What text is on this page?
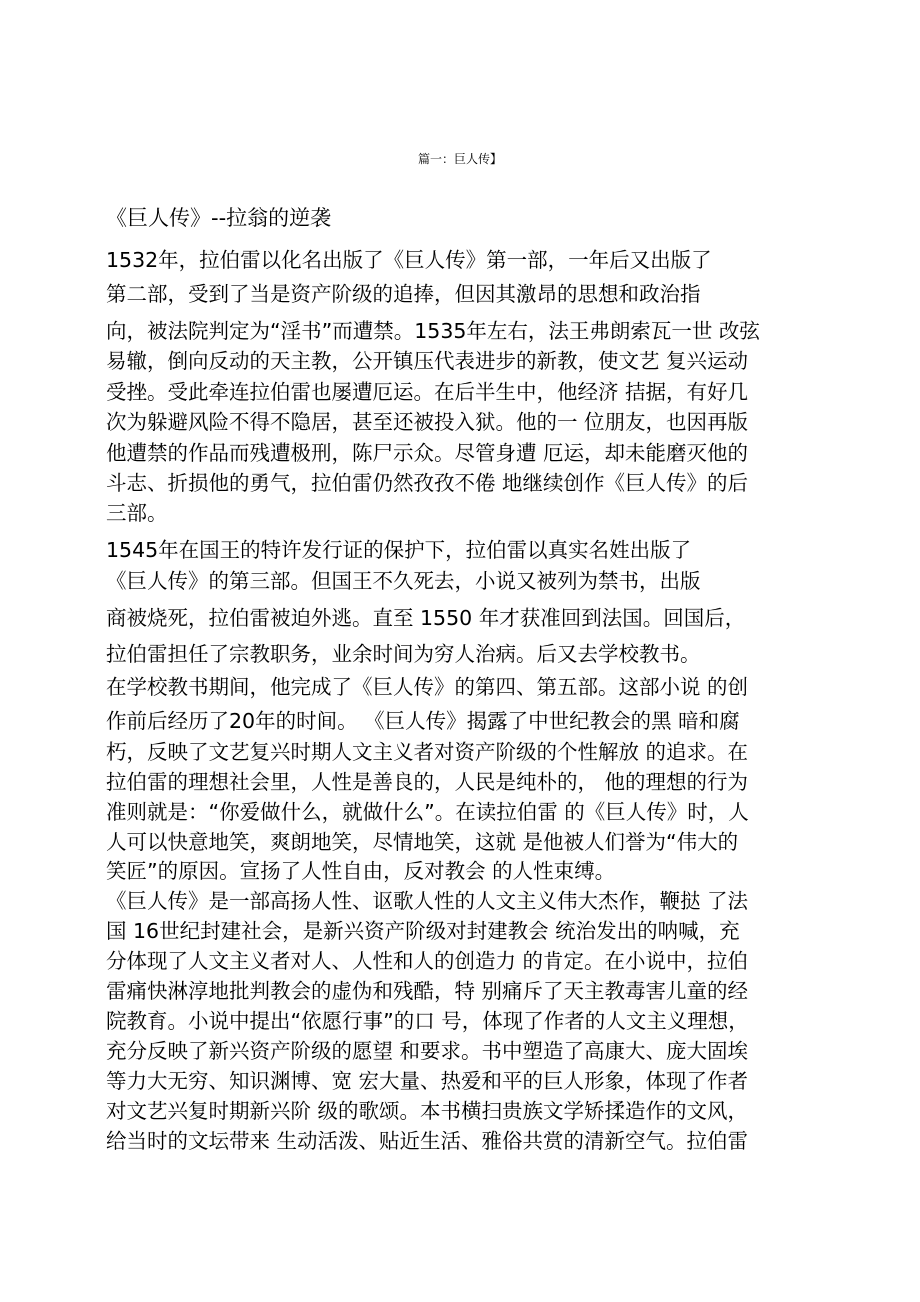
篇一：巨人传】
《巨人传》--拉翁的逆袭
1532年，拉伯雷以化名出版了《巨人传》第一部，一年后又出版了
第二部，受到了当是资产阶级的追捧，但因其激昂的思想和政治指
向，被法院判定为“淫书”而遭禁。1535年左右，法王弗朗索瓦一世 改弦
易辙，倒向反动的天主教，公开镇压代表进步的新教，使文艺 复兴运动
受挫。受此牵连拉伯雷也屡遭厄运。在后半生中，他经济 拮据，有好几
次为躲避风险不得不隐居，甚至还被投入狱。他的一 位朋友，也因再版
他遭禁的作品而残遭极刑，陈尸示众。尽管身遭 厄运，却未能磨灭他的
斗志、折损他的勇气，拉伯雷仍然孜孜不倦 地继续创作《巨人传》的后
三部。
1545年在国王的特许发行证的保护下，拉伯雷以真实名姓出版了
《巨人传》的第三部。但国王不久死去，小说又被列为禁书，出版
商被烧死，拉伯雷被迫外逃。直至 1550 年才获准回到法国。回国后，
拉伯雷担任了宗教职务，业余时间为穷人治病。后又去学校教书。
在学校教书期间，他完成了《巨人传》的第四、第五部。这部小说 的创
作前后经历了20年的时间。 《巨人传》揭露了中世纪教会的黑 暗和腐
朽，反映了文艺复兴时期人文主义者对资产阶级的个性解放 的追求。在
拉伯雷的理想社会里，人性是善良的，人民是纯朴的， 他的理想的行为
准则就是：“你爱做什么，就做什么”。在读拉伯雷 的《巨人传》时，人
人可以快意地笑，爽朗地笑，尽情地笑，这就 是他被人们誉为“伟大的
笑匠”的原因。宣扬了人性自由，反对教会 的人性束缚。
《巨人传》是一部高扬人性、讴歌人性的人文主义伟大杰作，鞭挞 了法
国 16世纪封建社会，是新兴资产阶级对封建教会 统治发出的呐喊，充
分体现了人文主义者对人、人性和人的创造力 的肯定。在小说中，拉伯
雷痛快淋淳地批判教会的虚伪和残酷，特 别痛斥了天主教毒害儿童的经
院教育。小说中提出“依愿行事”的口 号，体现了作者的人文主义理想，
充分反映了新兴资产阶级的愿望 和要求。书中塑造了高康大、庞大固埃
等力大无穷、知识渊博、宽 宏大量、热爱和平的巨人形象，体现了作者
对文艺兴复时期新兴阶 级的歌颂。本书横扫贵族文学矫揉造作的文风，
给当时的文坛带来 生动活泼、贴近生活、雅俗共赏的清新空气。拉伯雷
